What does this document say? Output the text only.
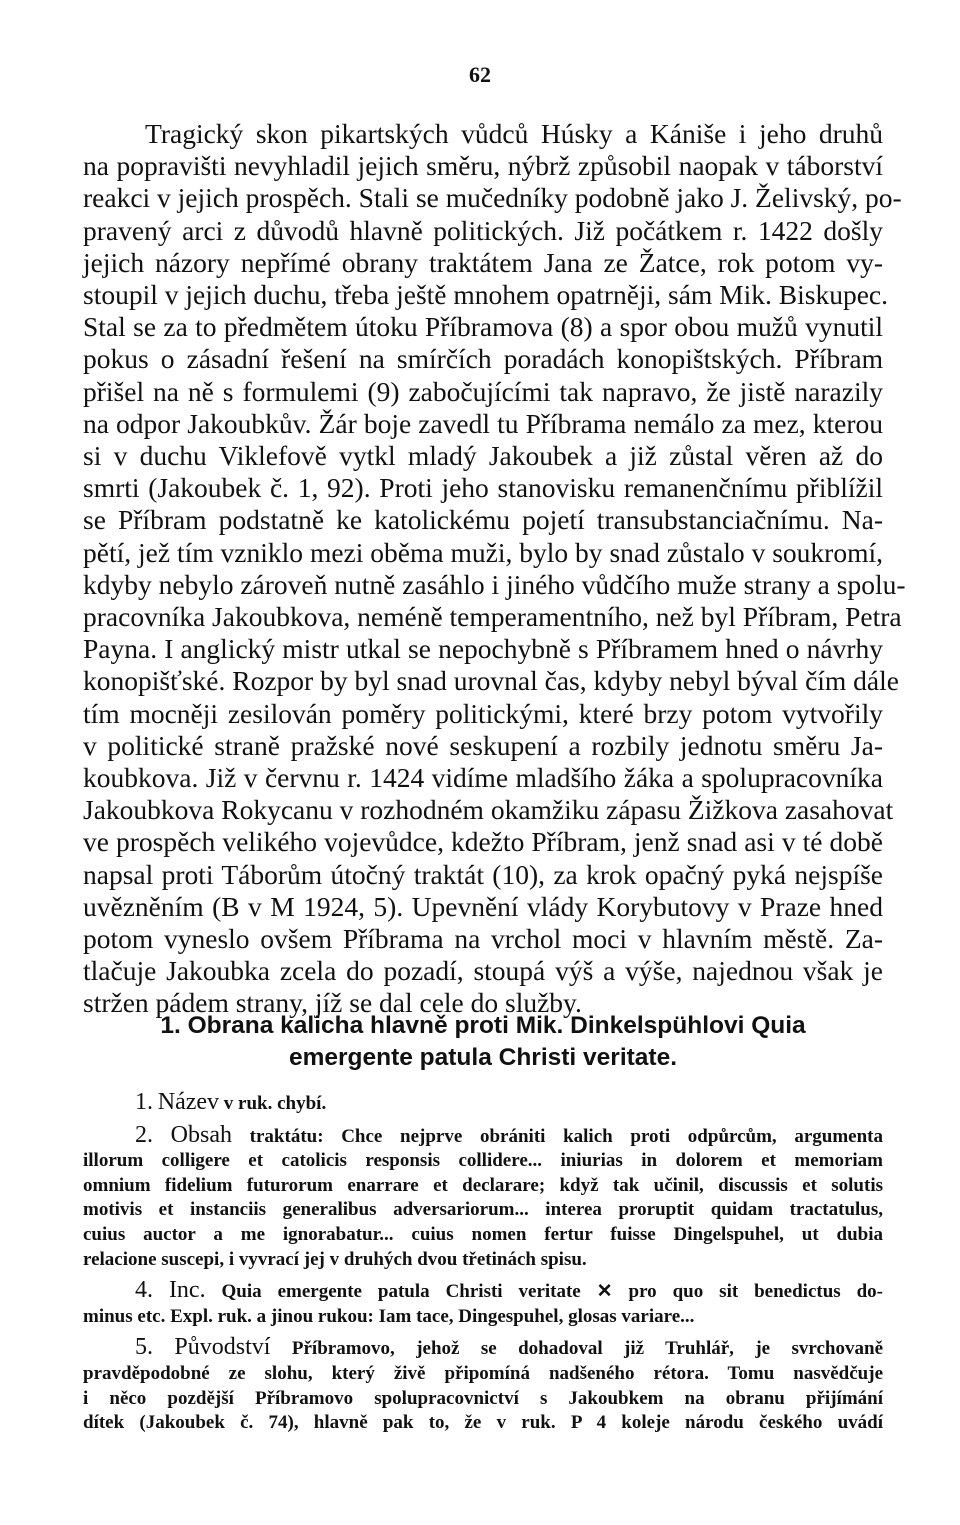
62
Tragický skon pikartských vůdců Húsky a Kániše i jeho druhů
na popravišti nevyhladil jejich směru, nýbrž způsobil naopak v táborství
reakci v jejich prospěch. Stali se mučedníky podobně jako J. Želivský, po-
pravený arci z důvodů hlavně politických. Již počátkem r. 1422 došly
jejich názory nepřímé obrany traktátem Jana ze Žatce, rok potom vy-
stoupil v jejich duchu, třeba ještě mnohem opatrněji, sám Mik. Biskupec.
Stal se za to předmětem útoku Příbramova (8) a spor obou mužů vynutil
pokus o zásadní řešení na smírčích poradách konopištských. Příbram
přišel na ně s formulemi (9) zabočujícími tak napravo, že jistě narazily
na odpor Jakoubkův. Žár boje zavedl tu Příbrama nemálo za mez, kterou
si v duchu Viklefově vytkl mladý Jakoubek a již zůstal věren až do
smrti (Jakoubek č. 1, 92). Proti jeho stanovisku remanenčnímu přiblížil
se Příbram podstatně ke katolickému pojetí transubstanciačnímu. Na-
pětí, jež tím vzniklo mezi oběma muži, bylo by snad zůstalo v soukromí,
kdyby nebylo zároveň nutně zasáhlo i jiného vůdčího muže strany a spolu-
pracovníka Jakoubkova, neméně temperamentního, než byl Příbram, Petra
Payna. I anglický mistr utkal se nepochybně s Příbramem hned o návrhy
konopišťské. Rozpor by byl snad urovnal čas, kdyby nebyl býval čím dále
tím mocněji zesilován poměry politickými, které brzy potom vytvořily
v politické straně pražské nové seskupení a rozbily jednotu směru Ja-
koubkova. Již v červnu r. 1424 vidíme mladšího žáka a spolupracovníka
Jakoubkova Rokycanu v rozhodném okamžiku zápasu Žižkova zasahovat
ve prospěch velikého vojevůdce, kdežto Příbram, jenž snad asi v té době
napsal proti Táborům útočný traktát (10), za krok opačný pyká nejspíše
uvězněním (B v M 1924, 5). Upevnění vlády Korybutovy v Praze hned
potom vyneslo ovšem Příbrama na vrchol moci v hlavním městě. Za-
tlačuje Jakoubka zcela do pozadí, stoupá výš a výše, najednou však je
stržen pádem strany, jíž se dal cele do služby.
1. Obrana kalicha hlavně proti Mik. Dinkelspühlovi Quia
emergente patula Christi veritate.
1. Název v ruk. chybí.
2. Obsah traktátu: Chce nejprve obrániti kalich proti odpůrcům, argumenta
illorum colligere et catolicis responsis collidere... iniurias in dolorem et memoriam
omnium fidelium futurorum enarrare et declarare; když tak učinil, discussis et solutis
motivis et instanciis generalibus adversariorum... interea proruptit quidam tractatulus,
cuius auctor a me ignorabatur... cuius nomen fertur fuisse Dingelspuhel, ut dubia
relacione suscepi, i vyvrací jej v druhých dvou třetinách spisu.
4. Inc. Quia emergente patula Christi veritate ✕ pro quo sit benedictus do-
minus etc. Expl. ruk. a jinou rukou: Iam tace, Dingespuhel, glosas variare...
5. Původství Příbramovo, jehož se dohadoval již Truhlář, je svrchovaně
pravděpodobné ze slohu, který živě připomíná nadšeného rétora. Tomu nasvědčuje
i něco pozdější Příbramovo spolupracovnictví s Jakoubkem na obranu přijímání
dítek (Jakoubek č. 74), hlavně pak to, že v ruk. P 4 koleje národu českého uvádí
